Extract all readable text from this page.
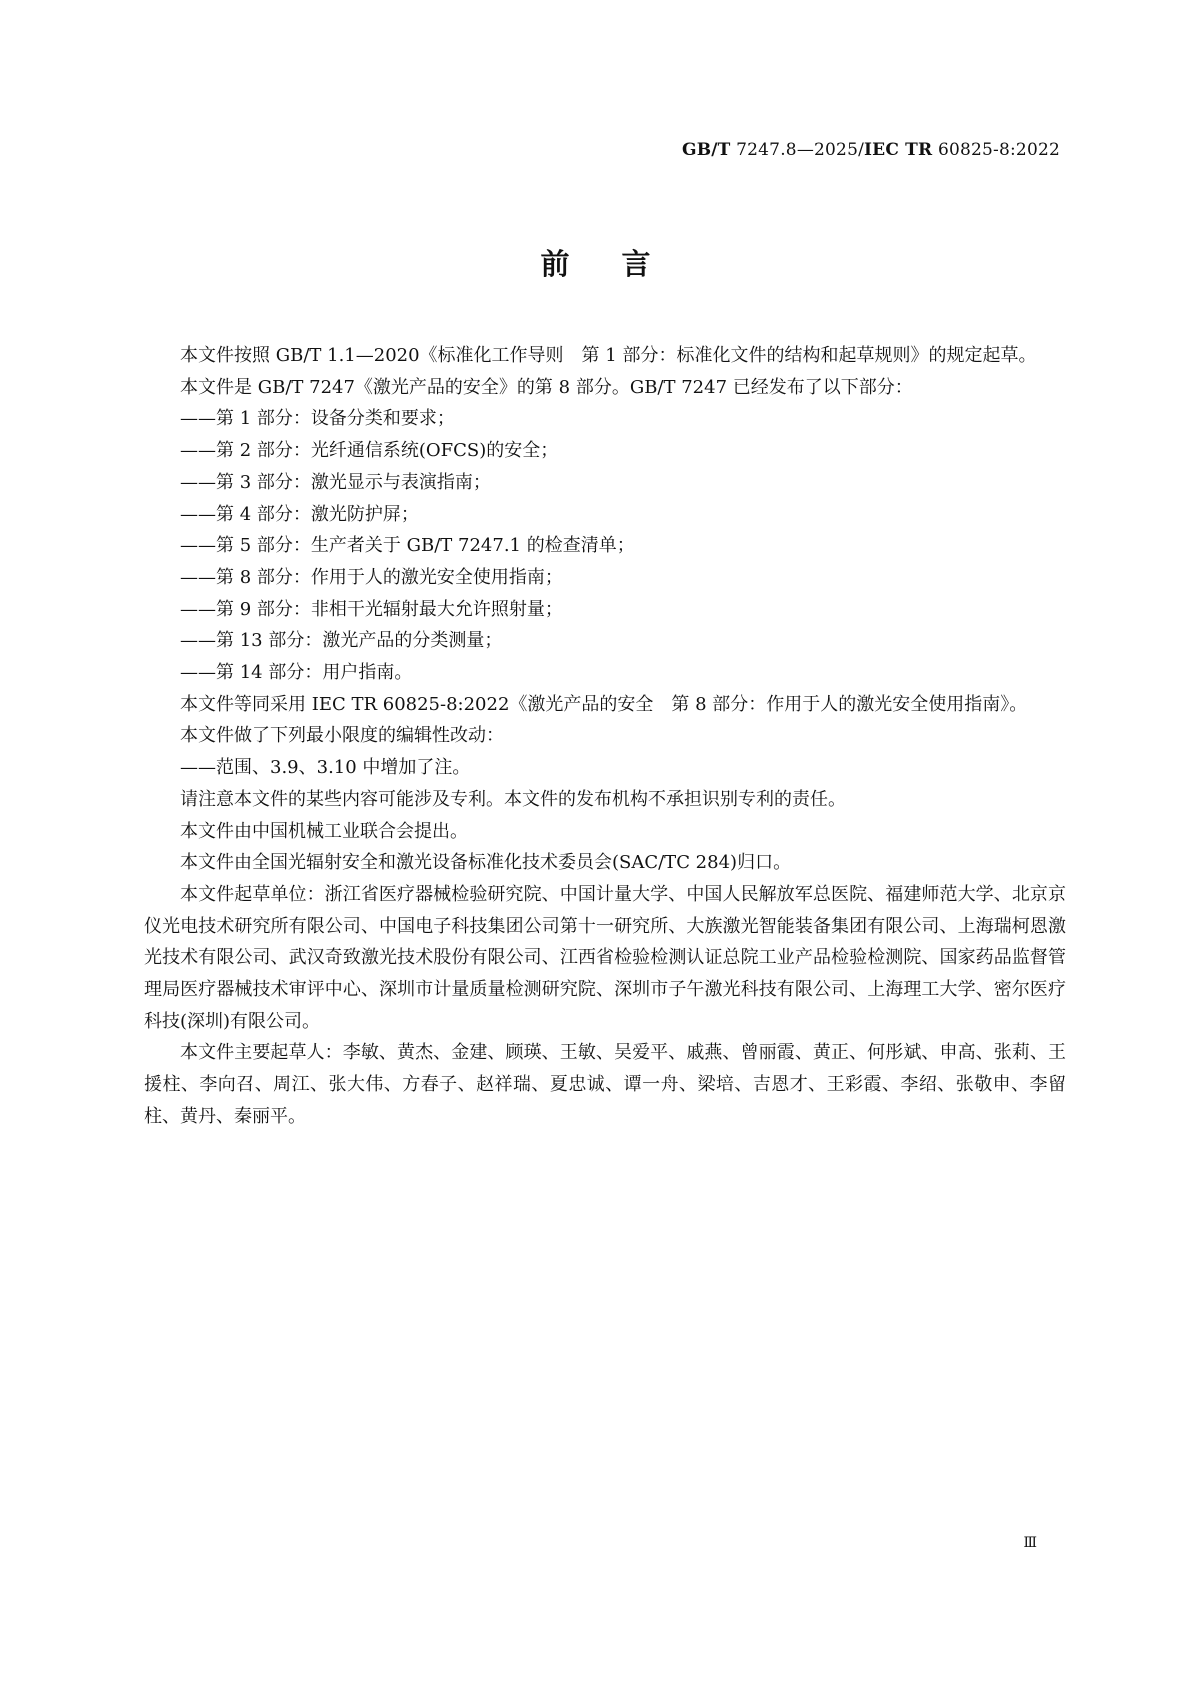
GB/T 7247.8—2025/IEC TR 60825-8:2022
前言

本文件按照 GB/T 1.1—2020《标准化工作导则　第 1 部分：标准化文件的结构和起草规则》的规定起草。

本文件是 GB/T 7247《激光产品的安全》的第 8 部分。GB/T 7247 已经发布了以下部分：

——第 1 部分：设备分类和要求；

——第 2 部分：光纤通信系统(OFCS)的安全；

——第 3 部分：激光显示与表演指南；

——第 4 部分：激光防护屏；

——第 5 部分：生产者关于 GB/T 7247.1 的检查清单；

——第 8 部分：作用于人的激光安全使用指南；

——第 9 部分：非相干光辐射最大允许照射量；

——第 13 部分：激光产品的分类测量；

——第 14 部分：用户指南。

本文件等同采用 IEC TR 60825-8:2022《激光产品的安全　第 8 部分：作用于人的激光安全使用指南》。

本文件做了下列最小限度的编辑性改动：

——范围、3.9、3.10 中增加了注。

请注意本文件的某些内容可能涉及专利。本文件的发布机构不承担识别专利的责任。

本文件由中国机械工业联合会提出。

本文件由全国光辐射安全和激光设备标准化技术委员会(SAC/TC 284)归口。

本文件起草单位：浙江省医疗器械检验研究院、中国计量大学、中国人民解放军总医院、福建师范大学、北京京仪光电技术研究所有限公司、中国电子科技集团公司第十一研究所、大族激光智能装备集团有限公司、上海瑞柯恩激光技术有限公司、武汉奇致激光技术股份有限公司、江西省检验检测认证总院工业产品检验检测院、国家药品监督管理局医疗器械技术审评中心、深圳市计量质量检测研究院、深圳市子午激光科技有限公司、上海理工大学、密尔医疗科技(深圳)有限公司。

本文件主要起草人：李敏、黄杰、金建、顾瑛、王敏、吴爱平、戚燕、曾丽霞、黄正、何彤斌、申高、张莉、王援柱、李向召、周江、张大伟、方春子、赵祥瑞、夏忠诚、谭一舟、梁培、吉恩才、王彩霞、李绍、张敬申、李留柱、黄丹、秦丽平。

Ⅲ
